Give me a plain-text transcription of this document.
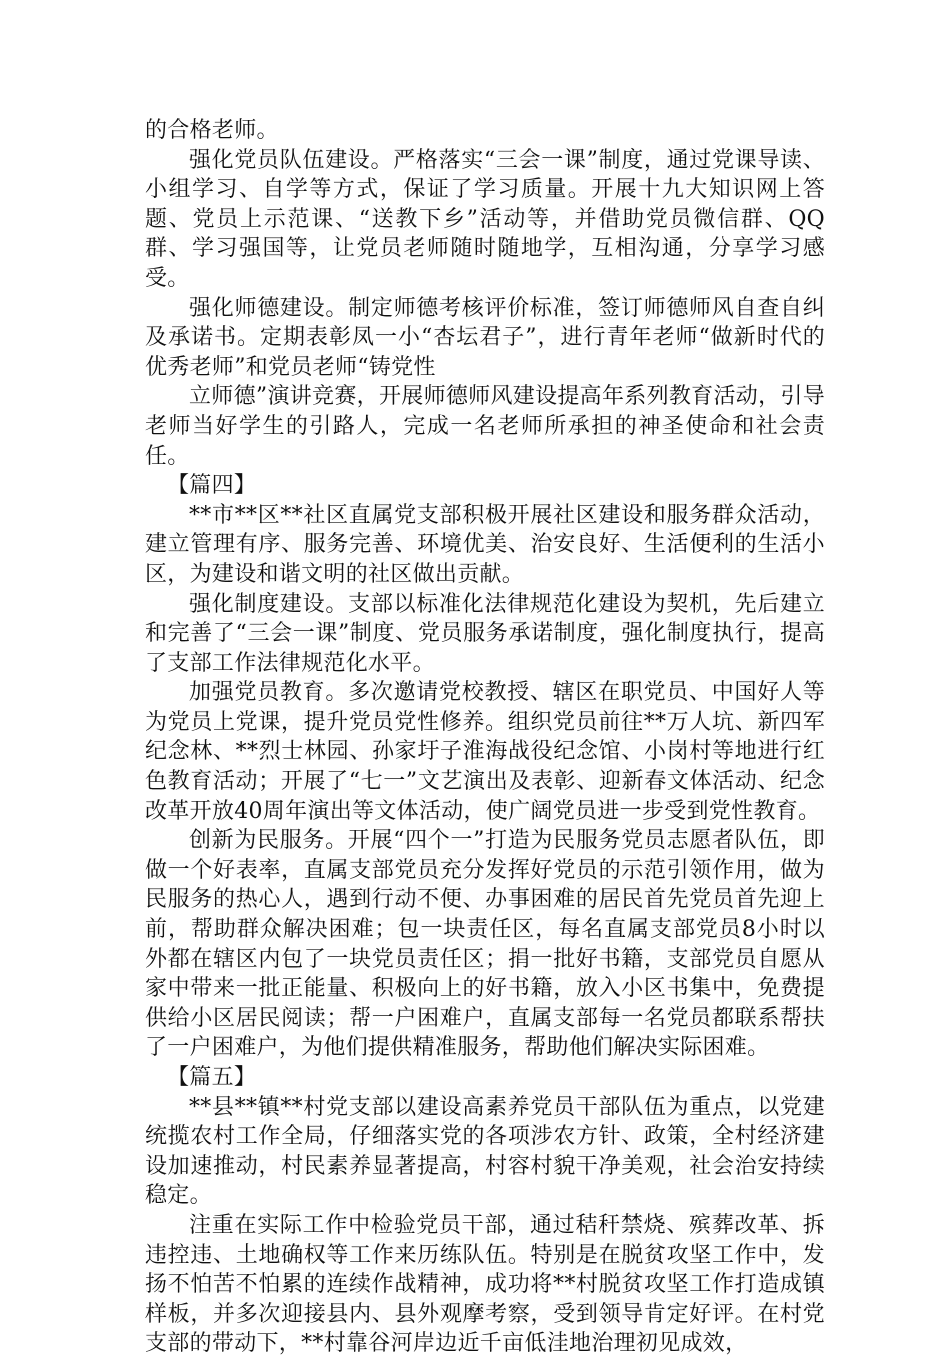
的合格老师。

强化党员队伍建设。严格落实“三会一课”制度，通过党课导读、小组学习、自学等方式，保证了学习质量。开展十九大知识网上答题、党员上示范课、“送教下乡”活动等，并借助党员微信群、QQ群、学习强国等，让党员老师随时随地学，互相沟通，分享学习感受。

强化师德建设。制定师德考核评价标准，签订师德师风自查自纠及承诺书。定期表彰凤一小“杏坛君子”，进行青年老师“做新时代的优秀老师”和党员老师“铸党性

立师德”演讲竞赛，开展师德师风建设提高年系列教育活动，引导老师当好学生的引路人，完成一名老师所承担的神圣使命和社会责任。

【篇四】

**市**区**社区直属党支部积极开展社区建设和服务群众活动，建立管理有序、服务完善、环境优美、治安良好、生活便利的生活小区，为建设和谐文明的社区做出贡献。

强化制度建设。支部以标准化法律规范化建设为契机，先后建立和完善了“三会一课”制度、党员服务承诺制度，强化制度执行，提高了支部工作法律规范化水平。

加强党员教育。多次邀请党校教授、辖区在职党员、中国好人等为党员上党课，提升党员党性修养。组织党员前往**万人坑、新四军纪念林、**烈士林园、孙家圩子淮海战役纪念馆、小岗村等地进行红色教育活动；开展了“七一”文艺演出及表彰、迎新春文体活动、纪念改革开放40周年演出等文体活动，使广阔党员进一步受到党性教育。

创新为民服务。开展“四个一”打造为民服务党员志愿者队伍，即做一个好表率，直属支部党员充分发挥好党员的示范引领作用，做为民服务的热心人，遇到行动不便、办事困难的居民首先党员首先迎上前，帮助群众解决困难；包一块责任区，每名直属支部党员8小时以外都在辖区内包了一块党员责任区；捐一批好书籍，支部党员自愿从家中带来一批正能量、积极向上的好书籍，放入小区书集中，免费提供给小区居民阅读；帮一户困难户，直属支部每一名党员都联系帮扶了一户困难户，为他们提供精准服务，帮助他们解决实际困难。

【篇五】

**县**镇**村党支部以建设高素养党员干部队伍为重点，以党建统揽农村工作全局，仔细落实党的各项涉农方针、政策，全村经济建设加速推动，村民素养显著提高，村容村貌干净美观，社会治安持续稳定。

注重在实际工作中检验党员干部，通过秸秆禁烧、殡葬改革、拆违控违、土地确权等工作来历练队伍。特别是在脱贫攻坚工作中，发扬不怕苦不怕累的连续作战精神，成功将**村脱贫攻坚工作打造成镇样板，并多次迎接县内、县外观摩考察，受到领导肯定好评。在村党支部的带动下，**村靠谷河岸边近千亩低洼地治理初见成效，
